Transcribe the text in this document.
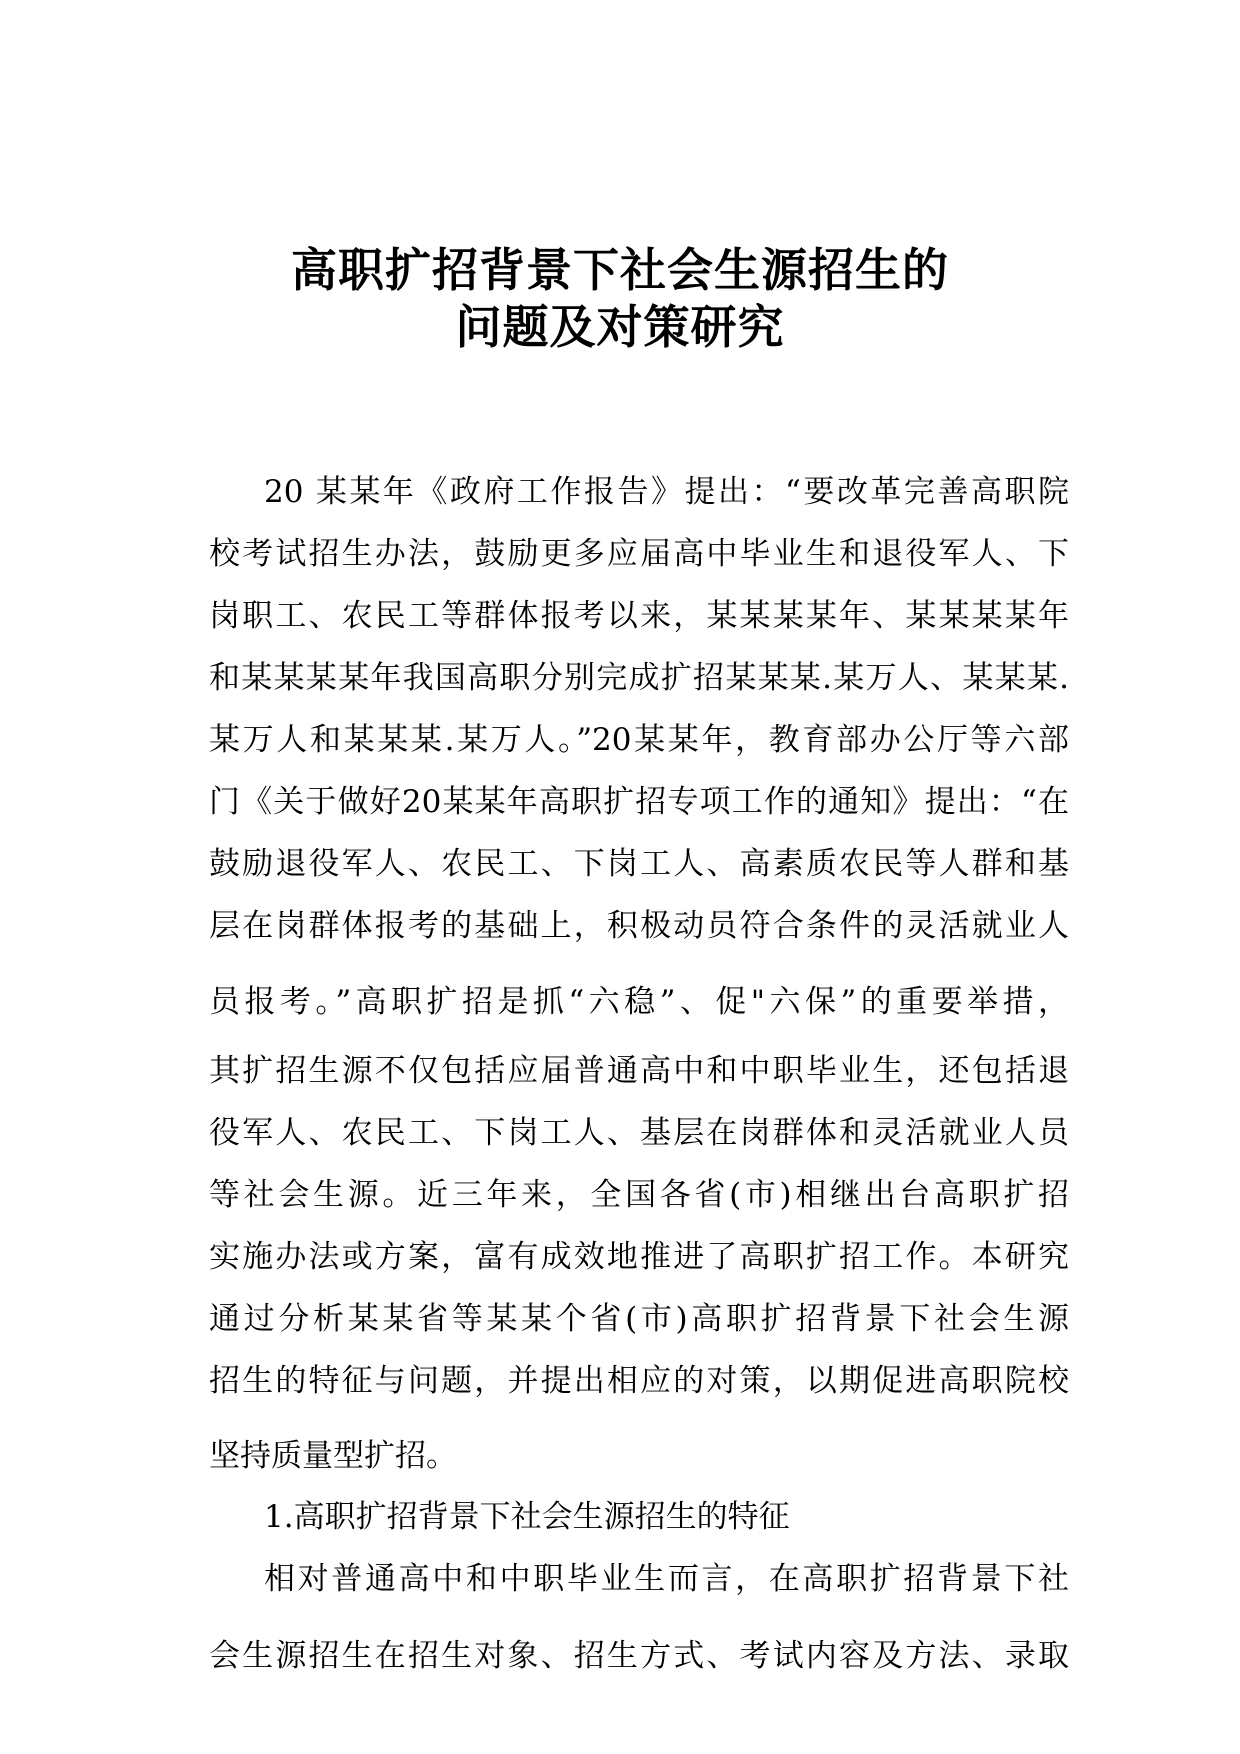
高职扩招背景下社会生源招生的
问题及对策研究
20 某某年《政府工作报告》提出：“要改革完善高职院
校考试招生办法，鼓励更多应届高中毕业生和退役军人、下
岗职工、农民工等群体报考以来，某某某某年、某某某某年
和某某某某年我国高职分别完成扩招某某某.某万人、某某某.
某万人和某某某.某万人。”20某某年，教育部办公厅等六部
门《关于做好20某某年高职扩招专项工作的通知》提出：“在
鼓励退役军人、农民工、下岗工人、高素质农民等人群和基
层在岗群体报考的基础上，积极动员符合条件的灵活就业人
员报考。”高职扩招是抓“六稳”、促"六保”的重要举措，
其扩招生源不仅包括应届普通高中和中职毕业生，还包括退
役军人、农民工、下岗工人、基层在岗群体和灵活就业人员
等社会生源。近三年来，全国各省(市)相继出台高职扩招
实施办法或方案，富有成效地推进了高职扩招工作。本研究
通过分析某某省等某某个省(市)高职扩招背景下社会生源
招生的特征与问题，并提出相应的对策，以期促进高职院校
坚持质量型扩招。
1.高职扩招背景下社会生源招生的特征
相对普通高中和中职毕业生而言，在高职扩招背景下社
会生源招生在招生对象、招生方式、考试内容及方法、录取
